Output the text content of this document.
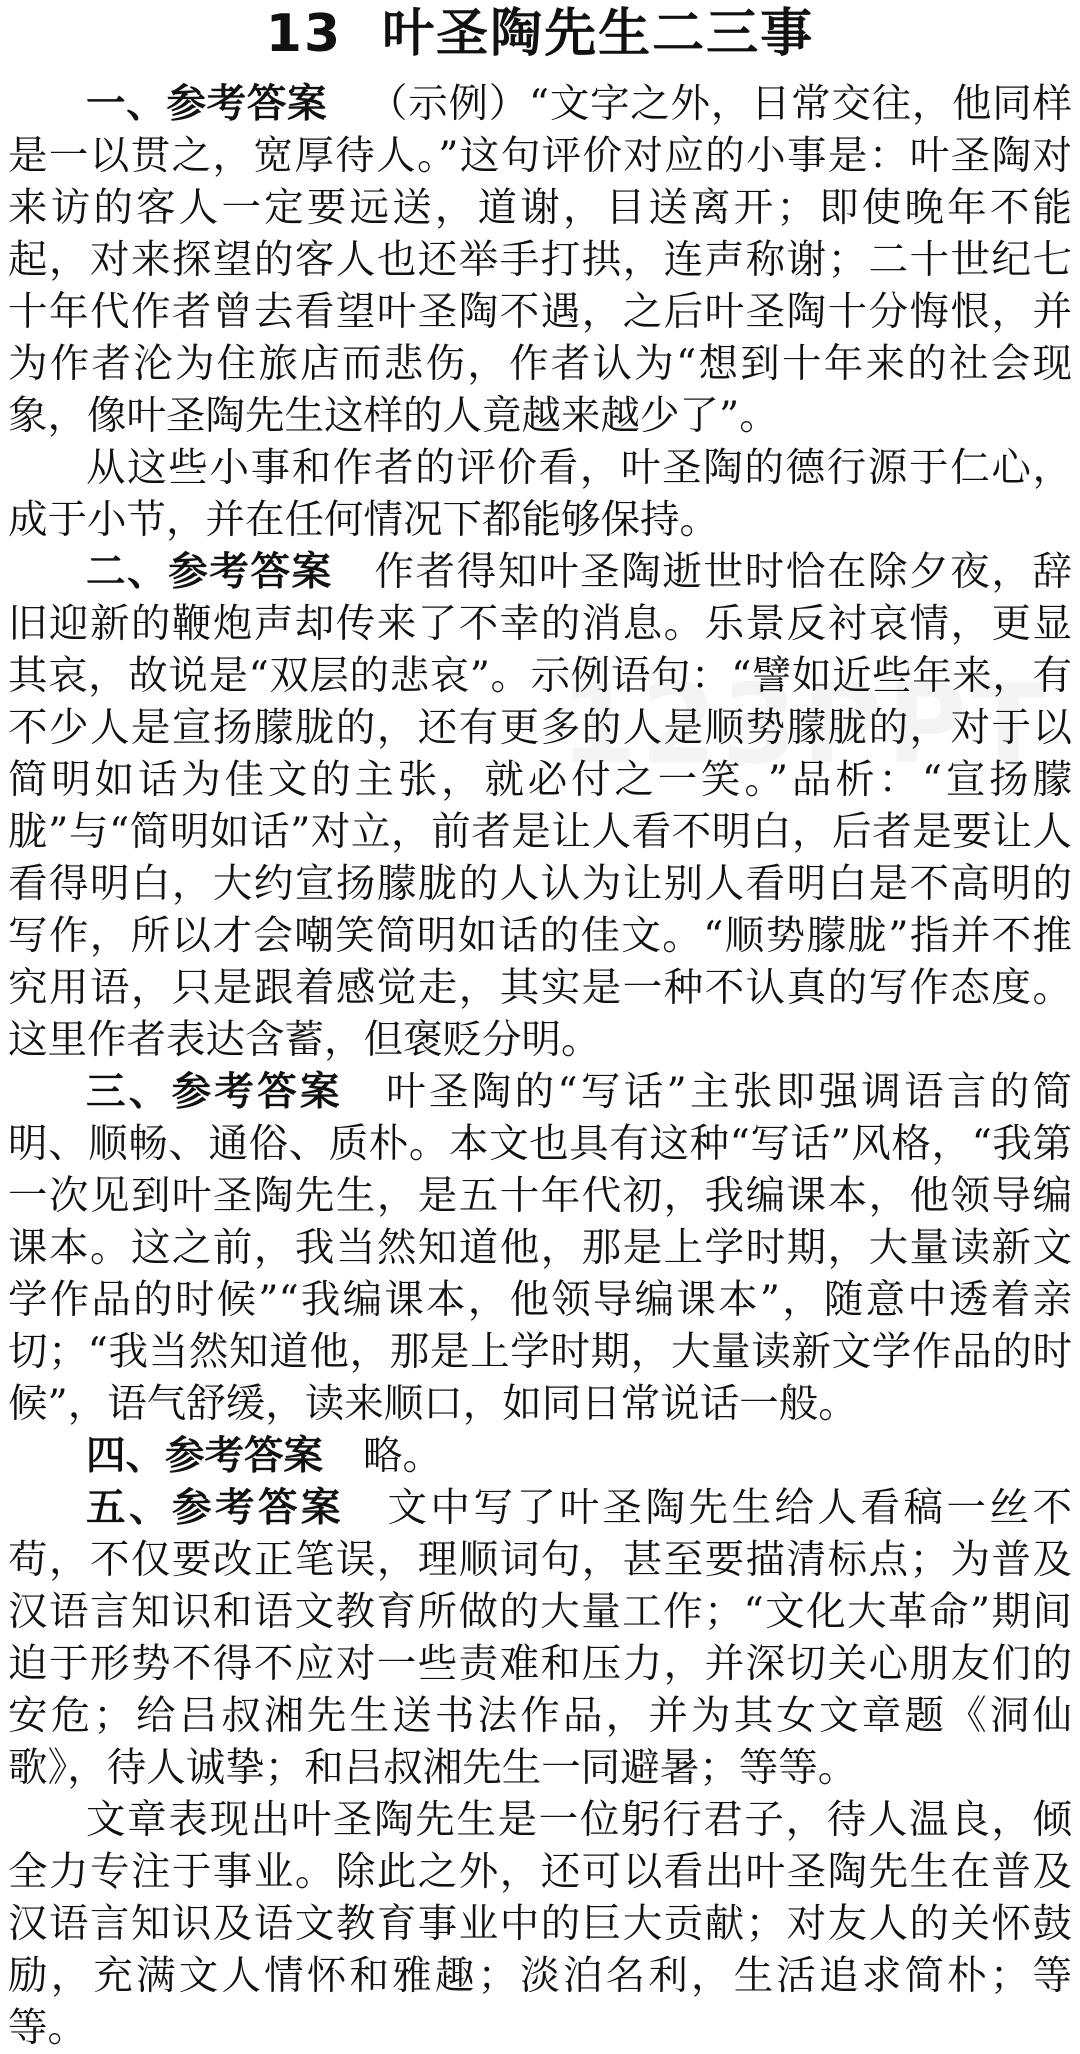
13 叶圣陶先生二三事

一、参考答案 （示例）“文字之外，日常交往，他同样是一以贯之，宽厚待人。”这句评价对应的小事是：叶圣陶对来访的客人一定要远送，道谢，目送离开；即使晚年不能起，对来探望的客人也还举手打拱，连声称谢；二十世纪七十年代作者曾去看望叶圣陶不遇，之后叶圣陶十分悔恨，并为作者沦为住旅店而悲伤，作者认为“想到十年来的社会现象，像叶圣陶先生这样的人竟越来越少了”。

从这些小事和作者的评价看，叶圣陶的德行源于仁心，成于小节，并在任何情况下都能够保持。

二、参考答案 作者得知叶圣陶逝世时恰在除夕夜，辞旧迎新的鞭炮声却传来了不幸的消息。乐景反衬哀情，更显其哀，故说是“双层的悲哀”。示例语句：“譬如近些年来，有不少人是宣扬朦胧的，还有更多的人是顺势朦胧的，对于以简明如话为佳文的主张，就必付之一笑。”品析：“宣扬朦胧”与“简明如话”对立，前者是让人看不明白，后者是要让人看得明白，大约宣扬朦胧的人认为让别人看明白是不高明的写作，所以才会嘲笑简明如话的佳文。“顺势朦胧”指并不推究用语，只是跟着感觉走，其实是一种不认真的写作态度。这里作者表达含蓄，但褒贬分明。

三、参考答案 叶圣陶的“写话”主张即强调语言的简明、顺畅、通俗、质朴。本文也具有这种“写话”风格，“我第一次见到叶圣陶先生，是五十年代初，我编课本，他领导编课本。这之前，我当然知道他，那是上学时期，大量读新文学作品的时候”“我编课本，他领导编课本”，随意中透着亲切；“我当然知道他，那是上学时期，大量读新文学作品的时候”，语气舒缓，读来顺口，如同日常说话一般。

四、参考答案 略。

五、参考答案 文中写了叶圣陶先生给人看稿一丝不苟，不仅要改正笔误，理顺词句，甚至要描清标点；为普及汉语言知识和语文教育所做的大量工作；“文化大革命”期间迫于形势不得不应对一些责难和压力，并深切关心朋友们的安危；给吕叔湘先生送书法作品，并为其女文章题《洞仙歌》，待人诚挚；和吕叔湘先生一同避暑；等等。

文章表现出叶圣陶先生是一位躬行君子，待人温良，倾全力专注于事业。除此之外，还可以看出叶圣陶先生在普及汉语言知识及语文教育事业中的巨大贡献；对友人的关怀鼓励，充满文人情怀和雅趣；淡泊名利，生活追求简朴；等等。
